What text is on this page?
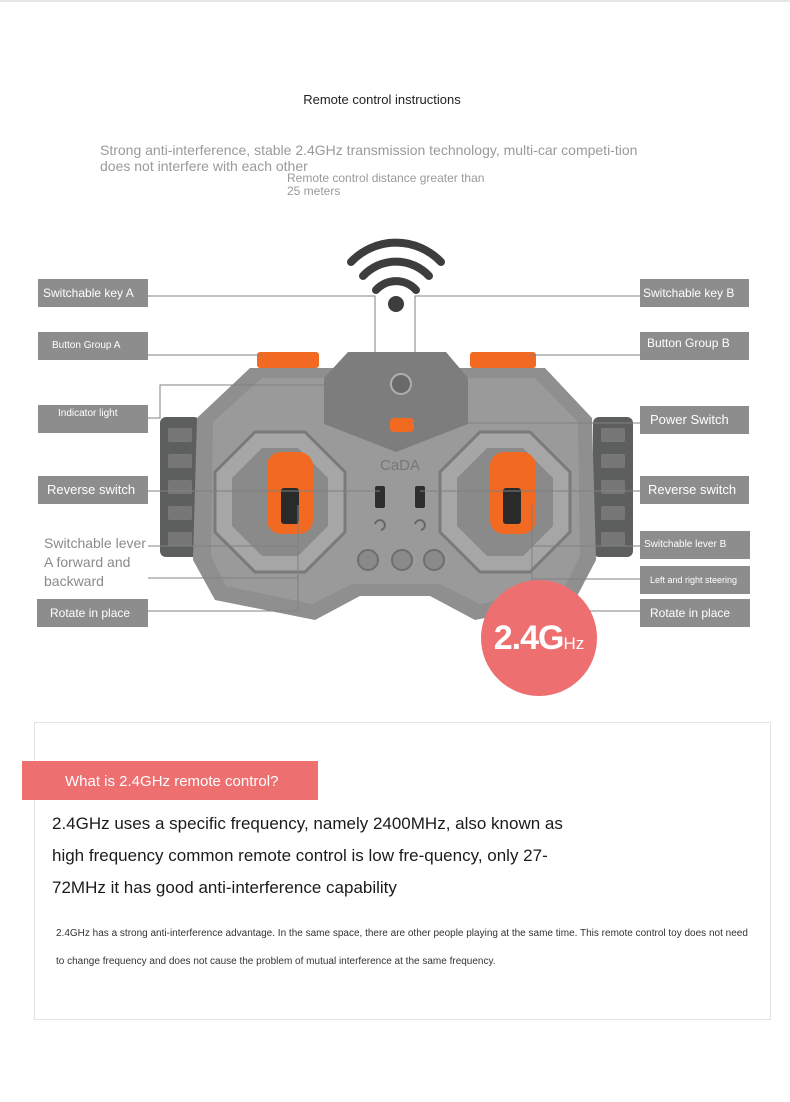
Remote control instructions
Strong anti-interference, stable 2.4GHz transmission technology, multi-car competi-tion does not interfere with each other
Remote control distance greater than 25 meters
CaDA
Switchable key A
Button Group A
Indicator light
Reverse switch
Switchable lever A forward and backward
Rotate in place
Switchable key B
Button Group B
Power Switch
Reverse switch
Switchable lever B
Left and right steering
Rotate in place
2.4GHz
What is 2.4GHz remote control?
2.4GHz uses a specific frequency, namely 2400MHz, also known as high frequency common remote control is low fre-quency, only 27-72MHz it has good anti-interference capability
2.4GHz has a strong anti-interference advantage. In the same space, there are other people playing at the same time. This remote control toy does not need to change frequency and does not cause the problem of mutual interference at the same frequency.
